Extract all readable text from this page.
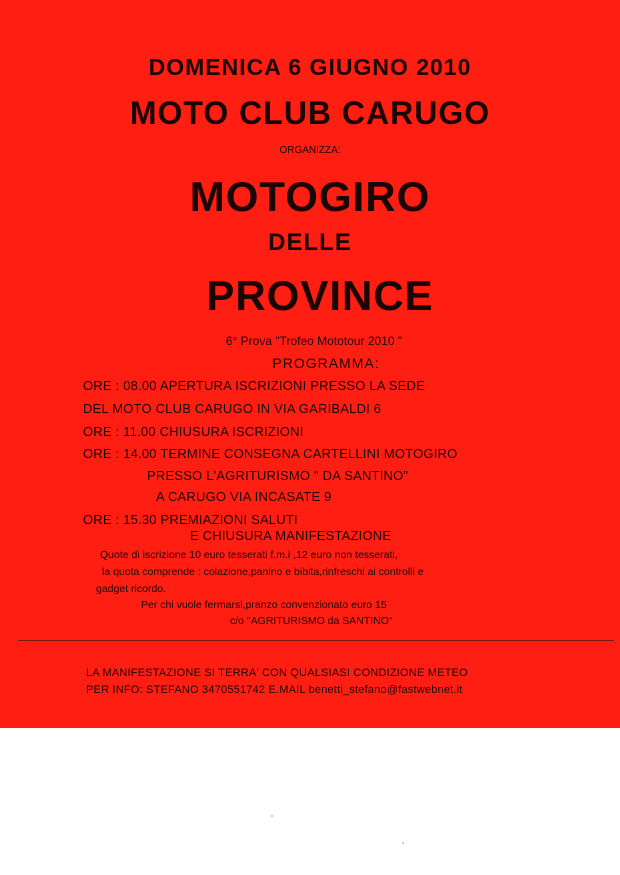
DOMENICA 6 GIUGNO 2010
MOTO CLUB CARUGO
ORGANIZZA:
MOTOGIRO
DELLE
PROVINCE
6° Prova "Trofeo Mototour 2010 "
PROGRAMMA:
ORE : 08.00 APERTURA ISCRIZIONI PRESSO LA SEDE
DEL MOTO CLUB CARUGO IN VIA GARIBALDI 6
ORE : 11.00 CHIUSURA ISCRIZIONI
ORE : 14.00 TERMINE CONSEGNA CARTELLINI MOTOGIRO
PRESSO L'AGRITURISMO " DA SANTINO"
A CARUGO VIA INCASATE 9
ORE : 15.30 PREMIAZIONI SALUTI
E CHIUSURA MANIFESTAZIONE
Quote di iscrizione 10 euro tesserati f.m.i ,12 euro non tesserati,
la quota comprende : colazione,panino e bibita,rinfreschi ai controlli e
gadget ricordo.
Per chi vuole fermarsi,pranzo convenzionato euro 15
c/o "AGRITURISMO da SANTINO"
LA MANIFESTAZIONE SI TERRA' CON QUALSIASI CONDIZIONE METEO
PER INFO: STEFANO 3470551742 E.MAIL benetti_stefano@fastwebnet.it
